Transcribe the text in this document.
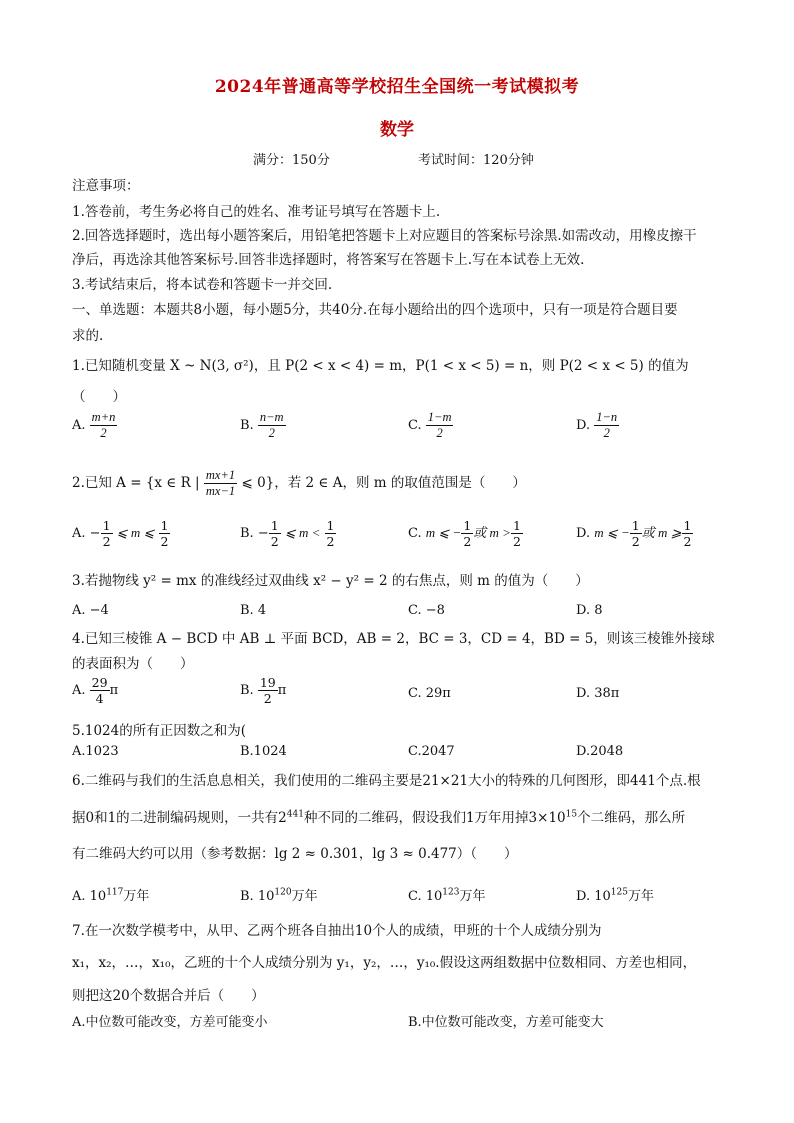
2024年普通高等学校招生全国统一考试模拟考
数学
满分：150分	考试时间：120分钟
注意事项：
1.答卷前，考生务必将自己的姓名、准考证号填写在答题卡上.
2.回答选择题时，选出每小题答案后，用铅笔把答题卡上对应题目的答案标号涂黑.如需改动，用橡皮擦干
净后，再选涂其他答案标号.回答非选择题时，将答案写在答题卡上.写在本试卷上无效.
3.考试结束后，将本试卷和答题卡一并交回.
一、单选题：本题共8小题，每小题5分，共40分.在每小题给出的四个选项中，只有一项是符合题目要
求的.
1.已知随机变量 X ~ N(3, σ²)，且 P(2 < x < 4) = m，P(1 < x < 5) = n，则 P(2 < x < 5) 的值为
（　　）
A. $\frac{m+n}{2}$	B. $\frac{n-m}{2}$	C. $\frac{1-m}{2}$	D. $\frac{1-n}{2}$
2.已知 A = {x ∈ R | $\frac{mx+1}{mx-1}$ ⩽ 0}，若 2 ∈ A，则 m 的取值范围是（　　）
A. − $\frac{1}{2}$ ⩽ m ⩽ $\frac{1}{2}$	B. − $\frac{1}{2}$ ⩽ $m < \frac{1}{2}$	C. m ⩽ − $\frac{1}{2}$ 或 $m > \frac{1}{2}$	D. m ⩽ − $\frac{1}{2}$ 或 m ⩾ $\frac{1}{2}$
3.若抛物线 y² = mx 的准线经过双曲线 x² − y² = 2 的右焦点，则 m 的值为（　　）
A. −4	B. 4	C. −8	D. 8
4.已知三棱锥 A − BCD 中 AB ⊥ 平面 BCD，AB = 2，BC = 3，CD = 4，BD = 5，则该三棱锥外接球
的表面积为（　　）
A. $\frac{29}{4}$ π	B. $\frac{19}{2}$ π	C. 29π	D. 38π
5.1024的所有正因数之和为(
A.1023	B.1024	C.2047	D.2048
6.二维码与我们的生活息息相关，我们使用的二维码主要是21×21大小的特殊的几何图形，即441个点.根
据0和1的二进制编码规则，一共有$2^{441}$种不同的二维码，假设我们1万年用掉$3\times 10^{15}$个二维码，那么所
有二维码大约可以用（参考数据：lg 2 ≈ 0.301，lg 3 ≈ 0.477）（　　）
A. $10^{117}$万年	B. $10^{120}$万年	C. $10^{123}$万年	D. $10^{125}$万年
7.在一次数学模考中，从甲、乙两个班各自抽出10个人的成绩，甲班的十个人成绩分别为
x₁，x₂，…，x₁₀，乙班的十个人成绩分别为 y₁，y₂，…，y₁₀.假设这两组数据中位数相同、方差也相同，
则把这20个数据合并后（　　）
A.中位数可能改变，方差可能变小	B.中位数可能改变，方差可能变大
